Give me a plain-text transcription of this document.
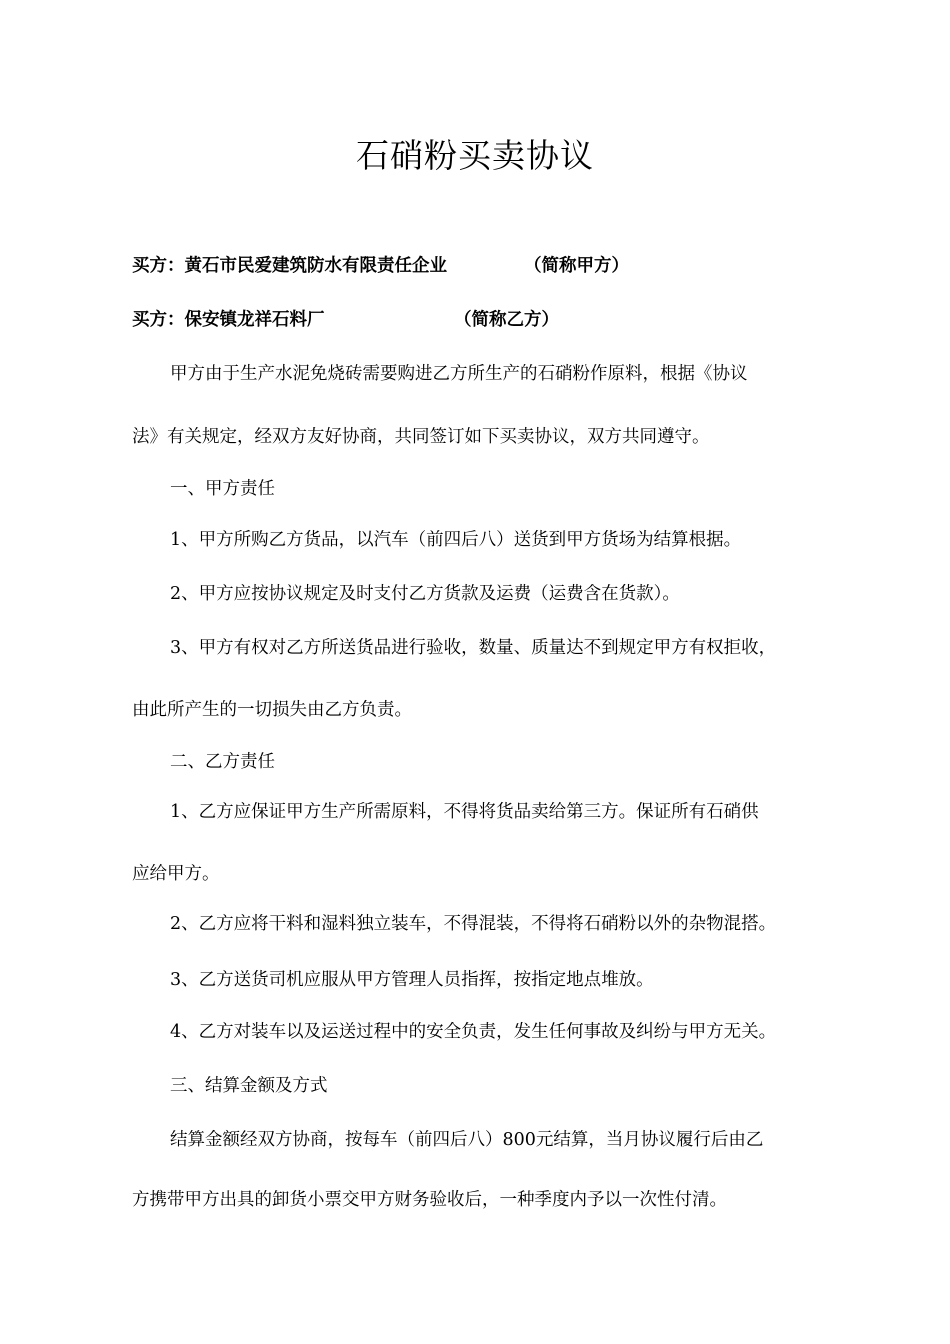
石硝粉买卖协议
买方：黄石市民爱建筑防水有限责任企业	（简称甲方）
买方：保安镇龙祥石料厂	（简称乙方）

甲方由于生产水泥免烧砖需要购进乙方所生产的石硝粉作原料，根据《协议

法》有关规定，经双方友好协商，共同签订如下买卖协议，双方共同遵守。

一、甲方责任

1、甲方所购乙方货品，以汽车（前四后八）送货到甲方货场为结算根据。

2、甲方应按协议规定及时支付乙方货款及运费（运费含在货款）。

3、甲方有权对乙方所送货品进行验收，数量、质量达不到规定甲方有权拒收，

由此所产生的一切损失由乙方负责。

二、乙方责任

1、乙方应保证甲方生产所需原料，不得将货品卖给第三方。保证所有石硝供

应给甲方。

2、乙方应将干料和湿料独立装车，不得混装，不得将石硝粉以外的杂物混搭。

3、乙方送货司机应服从甲方管理人员指挥，按指定地点堆放。

4、乙方对装车以及运送过程中的安全负责，发生任何事故及纠纷与甲方无关。

三、结算金额及方式

结算金额经双方协商，按每车（前四后八）800元结算，当月协议履行后由乙

方携带甲方出具的卸货小票交甲方财务验收后，一种季度内予以一次性付清。
